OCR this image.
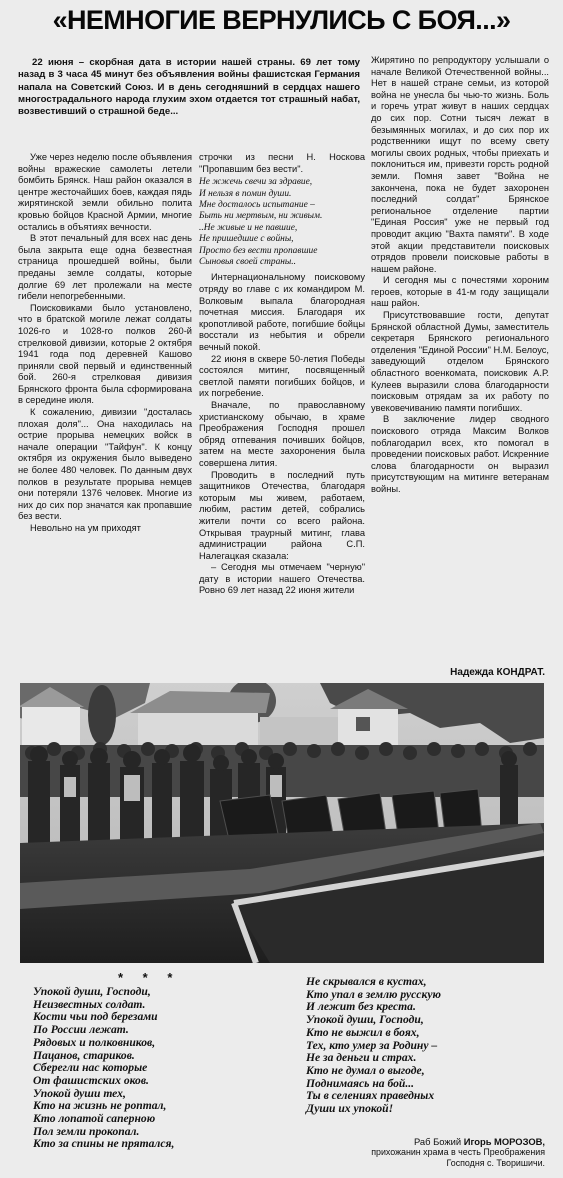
«НЕМНОГИЕ ВЕРНУЛИСЬ С БОЯ...»

22 июня – скорбная дата в истории нашей страны. 69 лет тому назад в 3 часа 45 минут без объявления войны фашистская Германия напала на Советский Союз. И в день сегодняшний в сердцах нашего многострадального народа глухим эхом отдается тот страшный набат, возвестивший о страшной беде...

Уже через неделю после объявления войны вражеские самолеты летели бомбить Брянск. Наш район оказался в центре жесточайших боев, каждая пядь жирятинской земли обильно полита кровью бойцов Красной Армии, многие остались в объятиях вечности.

В этот печальный для всех нас день была закрыта еще одна безвестная страница прошедшей войны, были преданы земле солдаты, которые долгие 69 лет пролежали на месте гибели непогребенными.

Поисковиками было установлено, что в братской могиле лежат солдаты 1026-го и 1028-го полков 260-й стрелковой дивизии, которые 2 октября 1941 года под деревней Кашово приняли свой первый и единственный бой. 260-я стрелковая дивизия Брянского фронта была сформирована в середине июля.

К сожалению, дивизии "досталась плохая доля"... Она находилась на острие прорыва немецких войск в начале операции "Тайфун". К концу октября из окружения было выведено не более 480 человек. По данным двух полков в результате прорыва немцев они потеряли 1376 человек. Многие из них до сих пор значатся как пропавшие без вести.

Невольно на ум приходят

строчки из песни Н. Носкова "Пропавшим без вести".

Не жжечь свечи за здравие,
И нельзя в помин души.
Мне досталось испытание –
Быть ни мертвым, ни живым.
..Не живые и не павшие,
Не пришедшие с войны,
Просто без вести пропавшие
Сыновья своей страны..

Интернациональному поисковому отряду во главе с их командиром М. Волковым выпала благородная почетная миссия. Благодаря их кропотливой работе, погибшие бойцы восстали из небытия и обрели вечный покой.

22 июня в сквере 50-летия Победы состоялся митинг, посвященный светлой памяти погибших бойцов, и их погребение.

Вначале, по православному христианскому обычаю, в храме Преображения Господня прошел обряд отпевания почивших бойцов, затем на месте захоронения была совершена лития.

Проводить в последний путь защитников Отечества, благодаря которым мы живем, работаем, любим, растим детей, собрались жители почти со всего района. Открывая траурный митинг, глава администрации района С.П. Налегацкая сказала:

– Сегодня мы отмечаем "черную" дату в истории нашего Отечества. Ровно 69 лет назад 22 июня жители

Жирятино по репродуктору услышали о начале Великой Отечественной войны... Нет в нашей стране семьи, из которой война не унесла бы чью-то жизнь. Боль и горечь утрат живут в наших сердцах до сих пор. Сотни тысяч лежат в безымянных могилах, и до сих пор их родственники ищут по всему свету могилы своих родных, чтобы приехать и поклониться им, привезти горсть родной земли. Помня завет "Война не закончена, пока не будет захоронен последний солдат" Брянское региональное отделение партии "Единая Россия" уже не первый год проводит акцию "Вахта памяти". В ходе этой акции представители поисковых отрядов провели поисковые работы в нашем районе.

И сегодня мы с почестями хороним героев, которые в 41-м году защищали наш район.

Присутствовавшие гости, депутат Брянской областной Думы, заместитель секретаря Брянского регионального отделения "Единой России" Н.М. Белоус, заведующий отделом Брянского областного военкомата, поисковик А.Р. Кулеев выразили слова благодарности поисковым отрядам за их работу по увековечиванию памяти погибших.

В заключение лидер сводного поискового отряда Максим Волков поблагодарил всех, кто помогал в проведении поисковых работ. Искренние слова благодарности он выразил присутствующим на митинге ветеранам войны.

Надежда КОНДРАТ.
* * *
Упокой души, Господи,
Неизвестных солдат.
Кости чьи под березами
По России лежат.
Рядовых и полковников,
Пацанов, стариков.
Сберегли нас которые
От фашистских оков.
Упокой души тех,
Кто на жизнь не роптал,
Кто лопатой саперною
Пол земли прокопал.
Кто за спины не прятался,
Не скрывался в кустах,
Кто упал в землю русскую
И лежит без креста.
Упокой души, Господи,
Кто не выжил в боях,
Тех, кто умер за Родину –
Не за деньги и страх.
Кто не думал о выгоде,
Поднимаясь на бой...
Ты в селениях праведных
Души их упокой!
Раб Божий Игорь МОРОЗОВ,
прихожанин храма в честь Преображения
Господня с. Творишичи.
